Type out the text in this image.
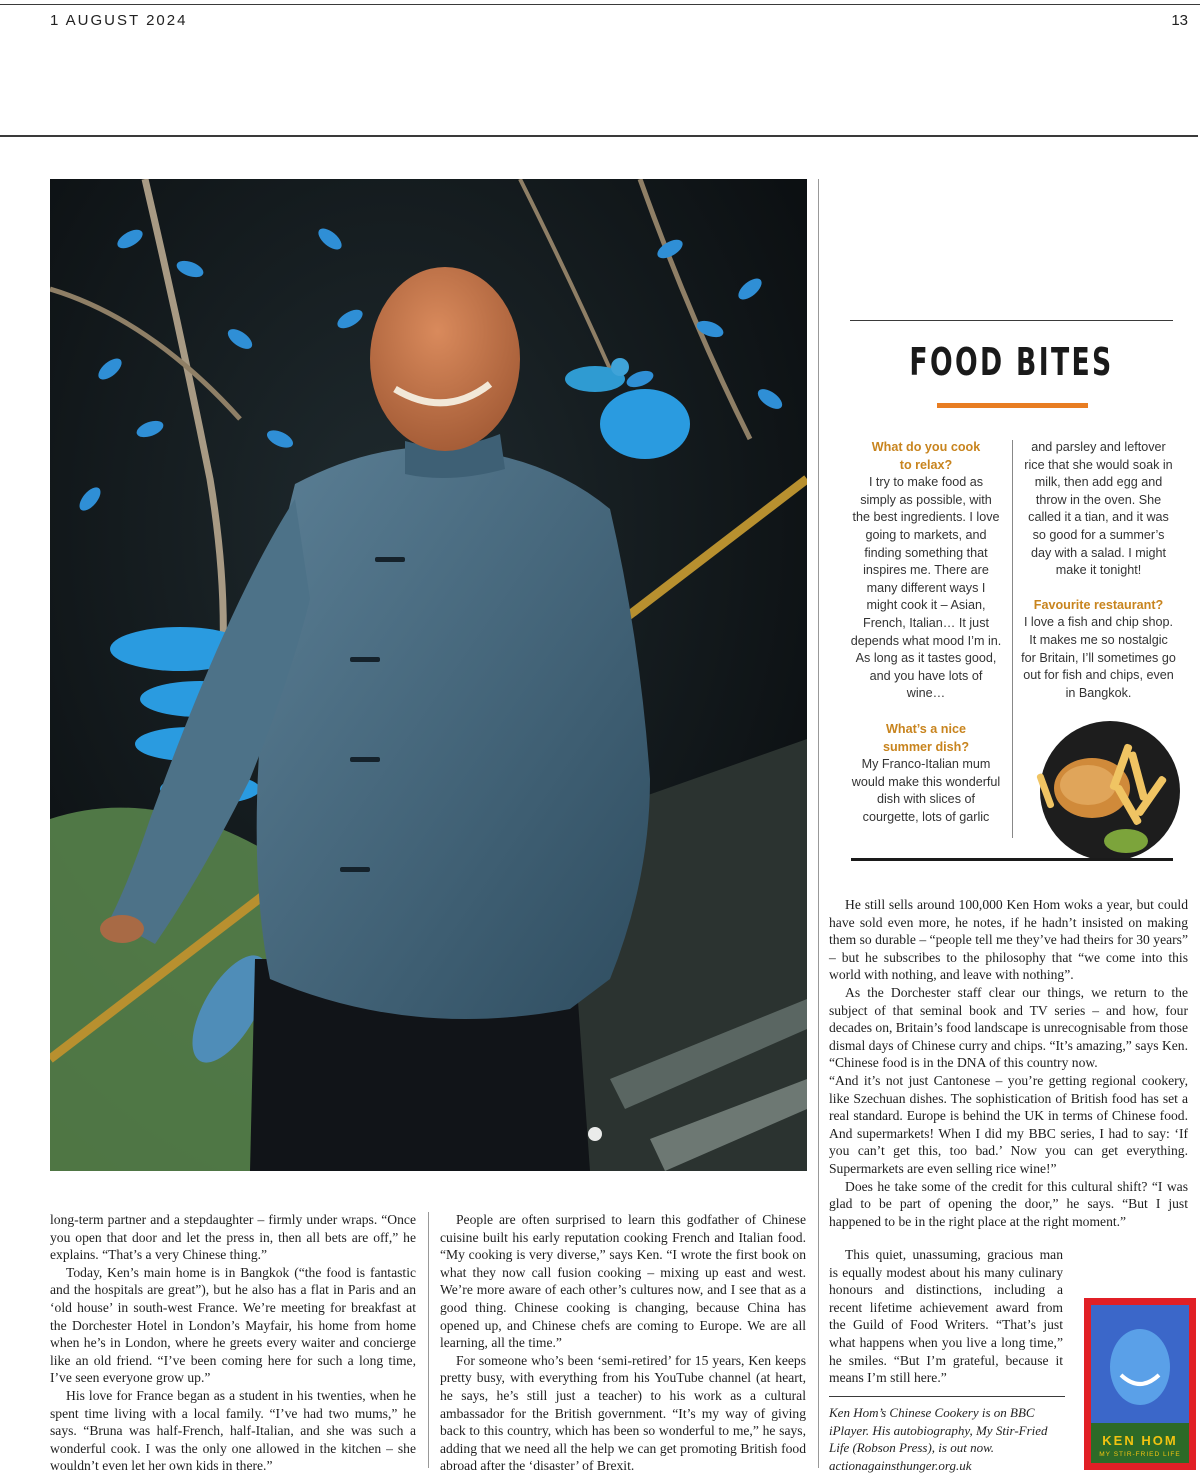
1 AUGUST 2024	13

long-term partner and a stepdaughter – firmly under wraps. “Once you open that door and let the press in, then all bets are off,” he explains. “That’s a very Chinese thing.”

Today, Ken’s main home is in Bangkok (“the food is fantastic and the hospitals are great”), but he also has a flat in Paris and an ‘old house’ in south-west France. We’re meeting for breakfast at the Dorchester Hotel in London’s Mayfair, his home from home when he’s in London, where he greets every waiter and concierge like an old friend. “I’ve been coming here for such a long time, I’ve seen everyone grow up.”

His love for France began as a student in his twenties, when he spent time living with a local family. “I’ve had two mums,” he says. “Bruna was half-French, half-Italian, and she was such a wonderful cook. I was the only one allowed in the kitchen – she wouldn’t even let her own kids in there.”

People are often surprised to learn this godfather of Chinese cuisine built his early reputation cooking French and Italian food. “My cooking is very diverse,” says Ken. “I wrote the first book on what they now call fusion cooking – mixing up east and west. We’re more aware of each other’s cultures now, and I see that as a good thing. Chinese cooking is changing, because China has opened up, and Chinese chefs are coming to Europe. We are all learning, all the time.”

For someone who’s been ‘semi-retired’ for 15 years, Ken keeps pretty busy, with everything from his YouTube channel (at heart, he says, he’s still just a teacher) to his work as a cultural ambassador for the British government. “It’s my way of giving back to this country, which has been so wonderful to me,” he says, adding that we need all the help we can get promoting British food abroad after the ‘disaster’ of Brexit.

He still sells around 100,000 Ken Hom woks a year, but could have sold even more, he notes, if he hadn’t insisted on making them so durable – “people tell me they’ve had theirs for 30 years” – but he subscribes to the philosophy that “we come into this world with nothing, and leave with nothing”.

As the Dorchester staff clear our things, we return to the subject of that seminal book and TV series – and how, four decades on, Britain’s food landscape is unrecognisable from those dismal days of Chinese curry and chips. “It’s amazing,” says Ken. “Chinese food is in the DNA of this country now.

“And it’s not just Cantonese – you’re getting regional cookery, like Szechuan dishes. The sophistication of British food has set a real standard. Europe is behind the UK in terms of Chinese food. And supermarkets! When I did my BBC series, I had to say: ‘If you can’t get this, too bad.’ Now you can get everything. Supermarkets are even selling rice wine!”

Does he take some of the credit for this cultural shift? “I was glad to be part of opening the door,” he says. “But I just happened to be in the right place at the right moment.”

This quiet, unassuming, gracious man is equally modest about his many culinary honours and distinctions, including a recent lifetime achievement award from the Guild of Food Writers. “That’s just what happens when you live a long time,” he smiles. “But I’m grateful, because it means I’m still here.”

Ken Hom’s Chinese Cookery is on BBC iPlayer. His autobiography, My Stir-Fried Life (Robson Press), is out now. actionagainsthunger.org.uk
KEN HOM
MY STIR-FRIED LIFE
FOOD BITES

What do you cook to relax?

I try to make food as simply as possible, with the best ingredients. I love going to markets, and finding something that inspires me. There are many different ways I might cook it – Asian, French, Italian… It just depends what mood I’m in. As long as it tastes good, and you have lots of wine…

What’s a nice summer dish?

My Franco-Italian mum would make this wonderful dish with slices of courgette, lots of garlic

and parsley and leftover rice that she would soak in milk, then add egg and throw in the oven. She called it a tian, and it was so good for a summer’s day with a salad. I might make it tonight!

Favourite restaurant?

I love a fish and chip shop. It makes me so nostalgic for Britain, I’ll sometimes go out for fish and chips, even in Bangkok.
